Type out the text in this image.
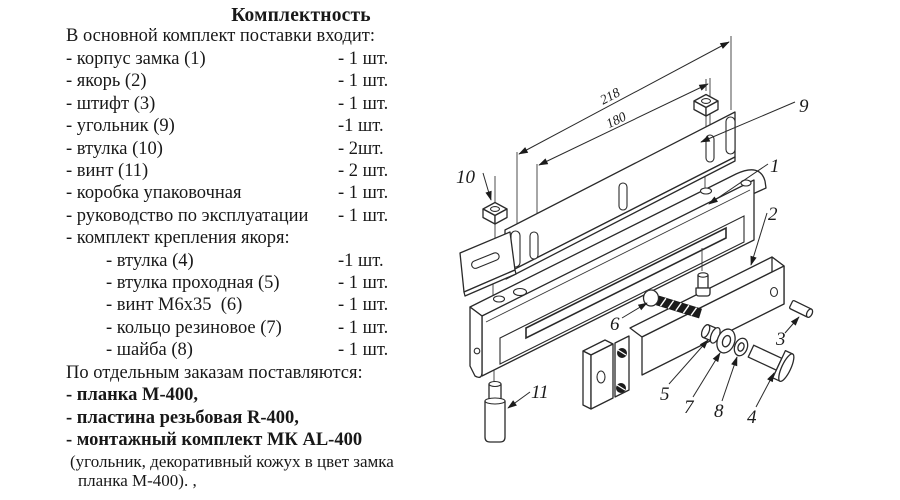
Комплектность
В основной комплект поставки входит:
- корпус замка (1)	- 1 шт.
- якорь (2)	- 1 шт.
- штифт (3)	- 1 шт.
- угольник (9)	-1 шт.
- втулка (10)	- 2шт.
- винт (11)	- 2 шт.
- коробка упаковочная	- 1 шт.
- руководство по эксплуатации	- 1 шт.
- комплект крепления якоря:
- втулка (4)	-1 шт.
- втулка проходная (5)	- 1 шт.
- винт М6х35  (6)	- 1 шт.
- кольцо резиновое (7)	- 1 шт.
- шайба (8)	- 1 шт.
По отдельным заказам поставляются:
- планка М-400,
- пластина резьбовая R-400,
- монтажный комплект МК AL-400
(угольник, декоративный кожух в цвет замка
планка М-400). ,
218
180
1
2
3
4
5
6
7 8
9
10
11
